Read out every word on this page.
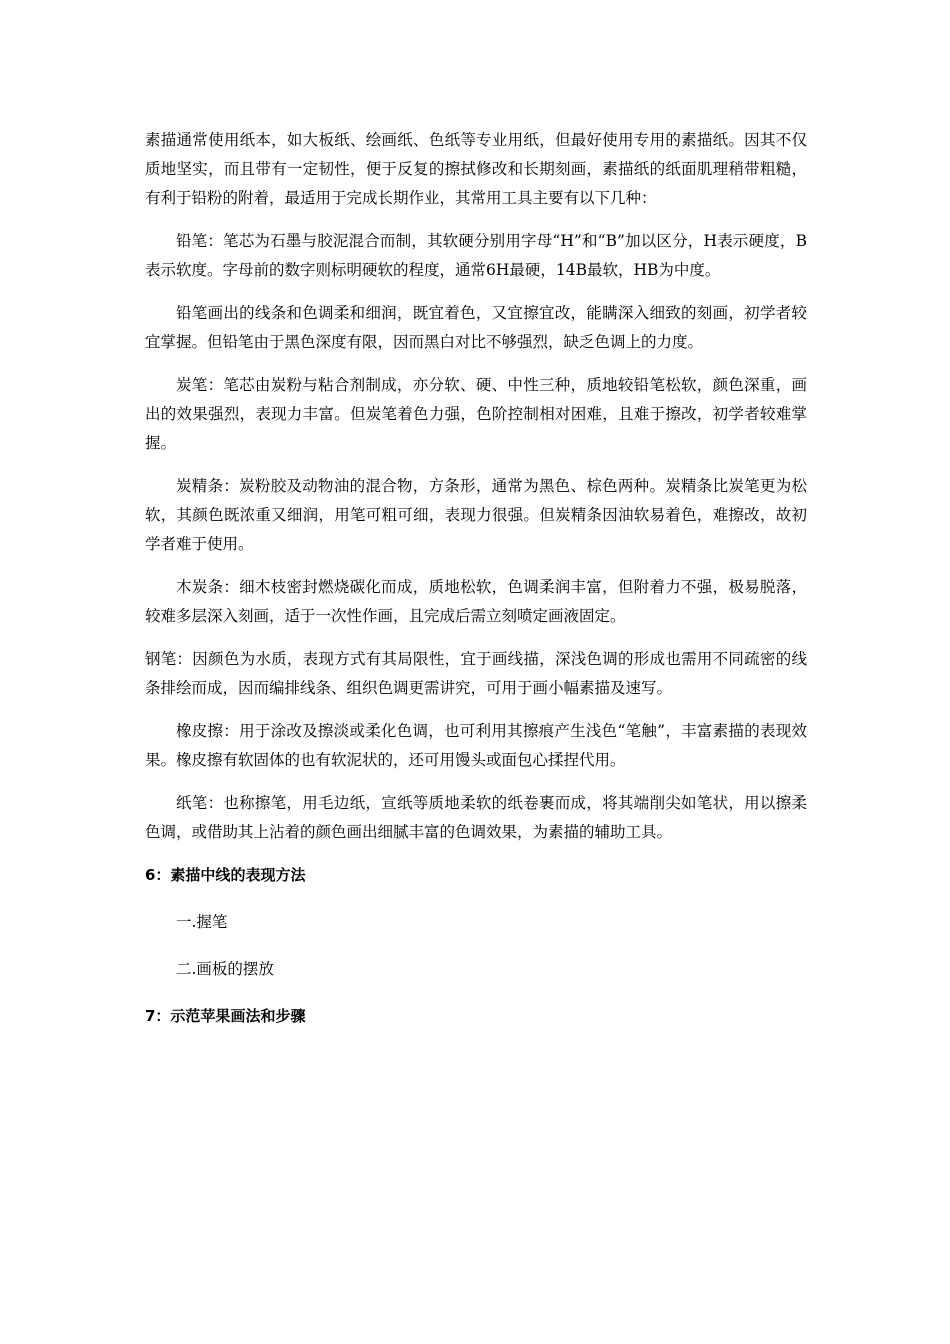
素描通常使用纸本，如大板纸、绘画纸、色纸等专业用纸，但最好使用专用的素描纸。因其不仅质地坚实，而且带有一定韧性，便于反复的擦拭修改和长期刻画，素描纸的纸面肌理稍带粗糙，有利于铅粉的附着，最适用于完成长期作业，其常用工具主要有以下几种：

铅笔：笔芯为石墨与胶泥混合而制，其软硬分别用字母“H”和“B”加以区分，H表示硬度，B表示软度。字母前的数字则标明硬软的程度，通常6H最硬，14B最软，HB为中度。

铅笔画出的线条和色调柔和细润，既宜着色，又宜擦宜改，能瞒深入细致的刻画，初学者较宜掌握。但铅笔由于黑色深度有限，因而黑白对比不够强烈，缺乏色调上的力度。

炭笔：笔芯由炭粉与粘合剂制成，亦分软、硬、中性三种，质地较铅笔松软，颜色深重，画出的效果强烈，表现力丰富。但炭笔着色力强，色阶控制相对困难，且难于擦改，初学者较难掌握。

炭精条：炭粉胶及动物油的混合物，方条形，通常为黑色、棕色两种。炭精条比炭笔更为松软，其颜色既浓重又细润，用笔可粗可细，表现力很强。但炭精条因油软易着色，难擦改，故初学者难于使用。

木炭条：细木枝密封燃烧碳化而成，质地松软，色调柔润丰富，但附着力不强，极易脱落，较难多层深入刻画，适于一次性作画，且完成后需立刻喷定画液固定。

钢笔：因颜色为水质，表现方式有其局限性，宜于画线描，深浅色调的形成也需用不同疏密的线条排绘而成，因而编排线条、组织色调更需讲究，可用于画小幅素描及速写。

橡皮擦：用于涂改及擦淡或柔化色调，也可利用其擦痕产生浅色“笔触”，丰富素描的表现效果。橡皮擦有软固体的也有软泥状的，还可用馒头或面包心揉捏代用。

纸笔：也称擦笔，用毛边纸，宣纸等质地柔软的纸卷裹而成，将其端削尖如笔状，用以擦柔色调，或借助其上沾着的颜色画出细腻丰富的色调效果，为素描的辅助工具。

6：素描中线的表现方法
一.握笔
二.画板的摆放
7：示范苹果画法和步骤
